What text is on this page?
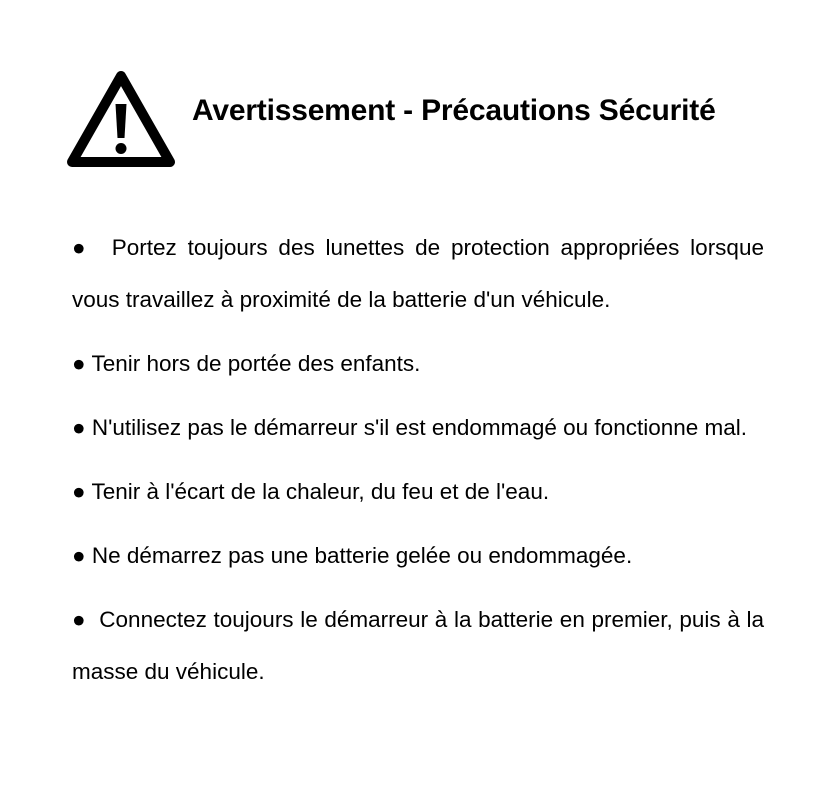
Avertissement - Précautions Sécurité
● Portez toujours des lunettes de protection appropriées lorsque vous travaillez à proximité de la batterie d'un véhicule.
● Tenir hors de portée des enfants.
● N'utilisez pas le démarreur s'il est endommagé ou fonctionne mal.
● Tenir à l'écart de la chaleur, du feu et de l'eau.
● Ne démarrez pas une batterie gelée ou endommagée.
● Connectez toujours le démarreur à la batterie en premier, puis à la masse du véhicule.
